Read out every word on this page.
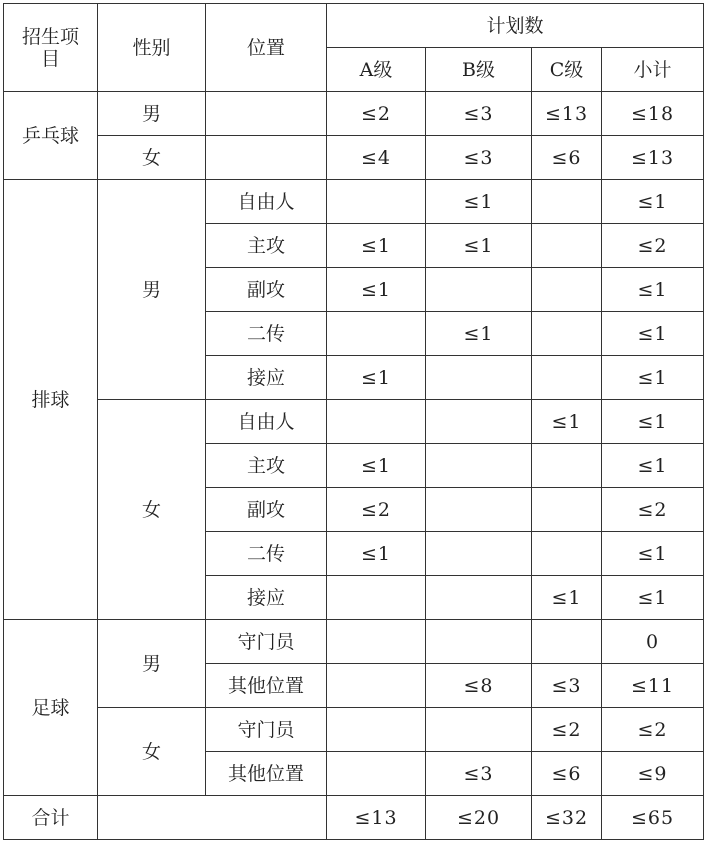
招生项目	性别	位置	计划数			
			A级	B级	C级	小计
乒乓球	男		≤2	≤3	≤13	≤18
	女		≤4	≤3	≤6	≤13
排球	男	自由人		≤1		≤1
		主攻	≤1	≤1		≤2
		副攻	≤1			≤1
		二传		≤1		≤1
		接应	≤1			≤1
	女	自由人			≤1	≤1
		主攻	≤1			≤1
		副攻	≤2			≤2
		二传	≤1			≤1
		接应			≤1	≤1
足球	男	守门员				0
		其他位置		≤8	≤3	≤11
	女	守门员			≤2	≤2
		其他位置		≤3	≤6	≤9
合计			≤13	≤20	≤32	≤65
